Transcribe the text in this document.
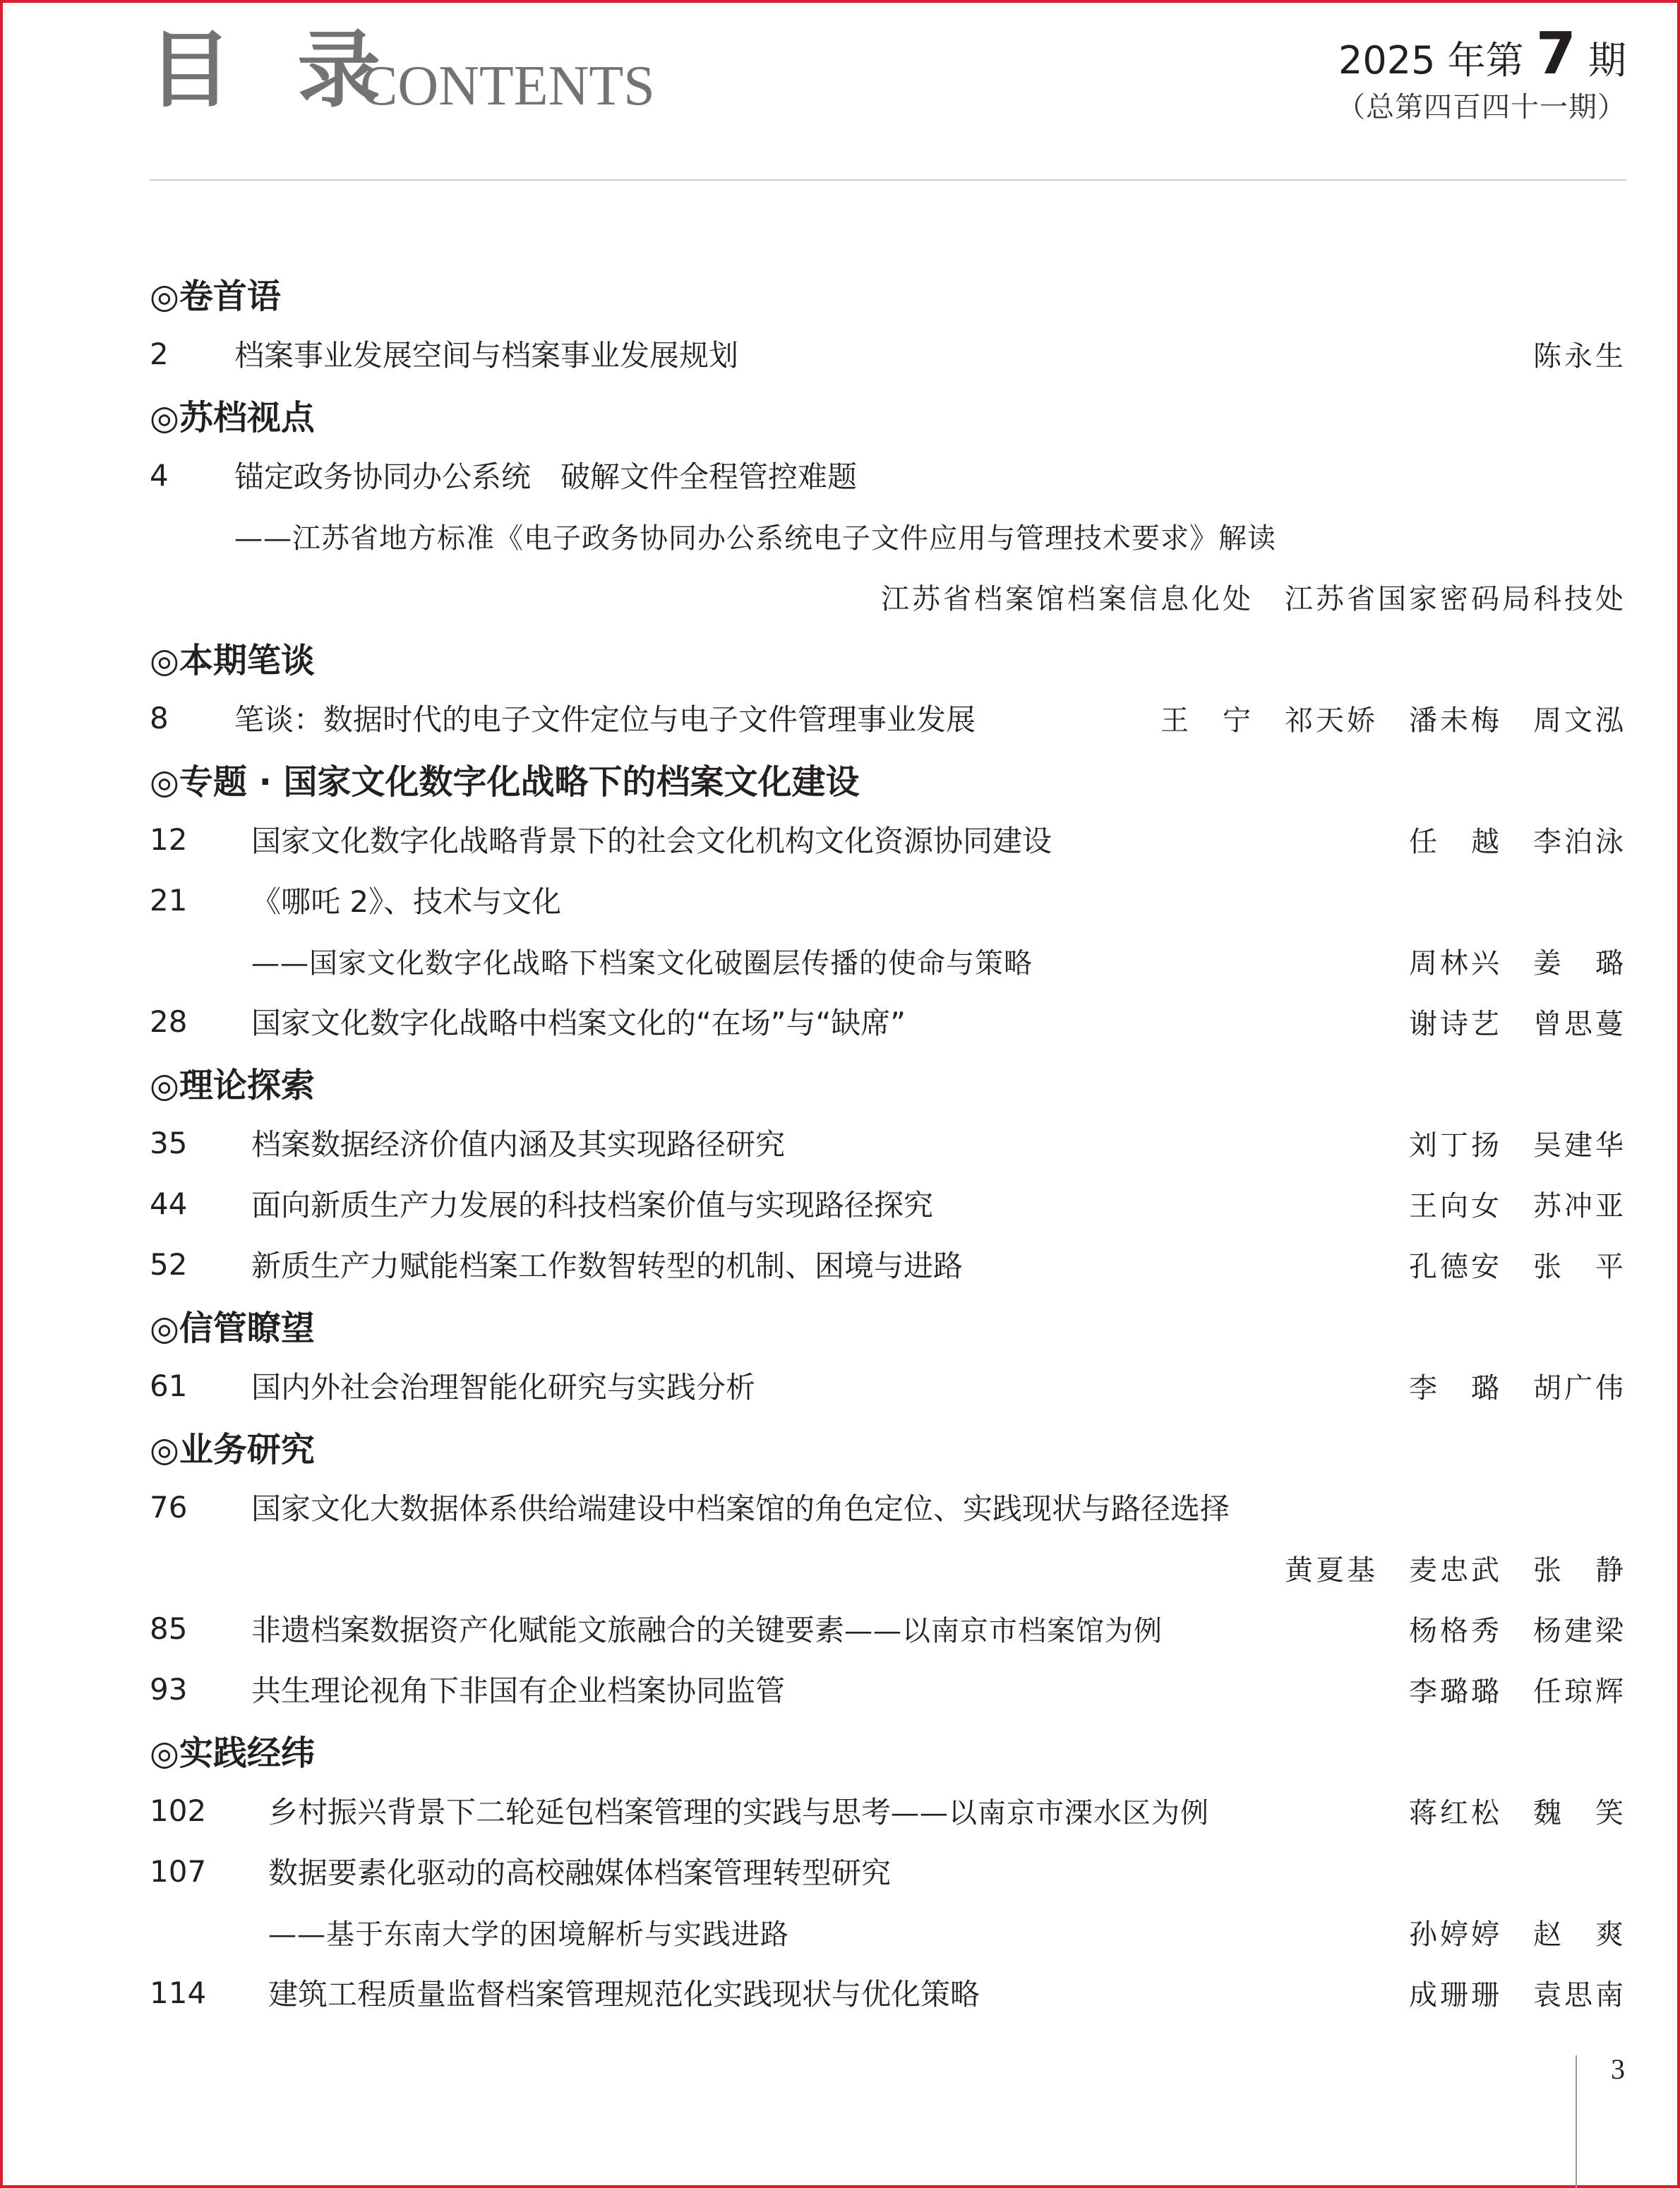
目 录
CONTENTS	2025 年第 7 期
（总第四百四十一期）
◎卷首语
2	档案事业发展空间与档案事业发展规划	陈永生
◎苏档视点
4	锚定政务协同办公系统　破解文件全程管控难题
——江苏省地方标准《电子政务协同办公系统电子文件应用与管理技术要求》解读
江苏省档案馆档案信息化处　江苏省国家密码局科技处
◎本期笔谈
8	笔谈：数据时代的电子文件定位与电子文件管理事业发展	王　宁　祁天娇　潘未梅　周文泓
◎专题 · 国家文化数字化战略下的档案文化建设
12	国家文化数字化战略背景下的社会文化机构文化资源协同建设	任　越　李泊泳
21	《哪吒 2》、技术与文化
——国家文化数字化战略下档案文化破圈层传播的使命与策略	周林兴　姜　璐
28	国家文化数字化战略中档案文化的“在场”与“缺席”	谢诗艺　曾思蔓
◎理论探索
35	档案数据经济价值内涵及其实现路径研究	刘丁扬　吴建华
44	面向新质生产力发展的科技档案价值与实现路径探究	王向女　苏冲亚
52	新质生产力赋能档案工作数智转型的机制、困境与进路	孔德安　张　平
◎信管瞭望
61	国内外社会治理智能化研究与实践分析	李　璐　胡广伟
◎业务研究
76	国家文化大数据体系供给端建设中档案馆的角色定位、实践现状与路径选择
黄夏基　麦忠武　张　静
85	非遗档案数据资产化赋能文旅融合的关键要素——以南京市档案馆为例	杨格秀　杨建梁
93	共生理论视角下非国有企业档案协同监管	李璐璐　任琼辉
◎实践经纬
102	乡村振兴背景下二轮延包档案管理的实践与思考——以南京市溧水区为例	蒋红松　魏　笑
107	数据要素化驱动的高校融媒体档案管理转型研究
——基于东南大学的困境解析与实践进路	孙婷婷　赵　爽
114	建筑工程质量监督档案管理规范化实践现状与优化策略	成珊珊　袁思南
3
